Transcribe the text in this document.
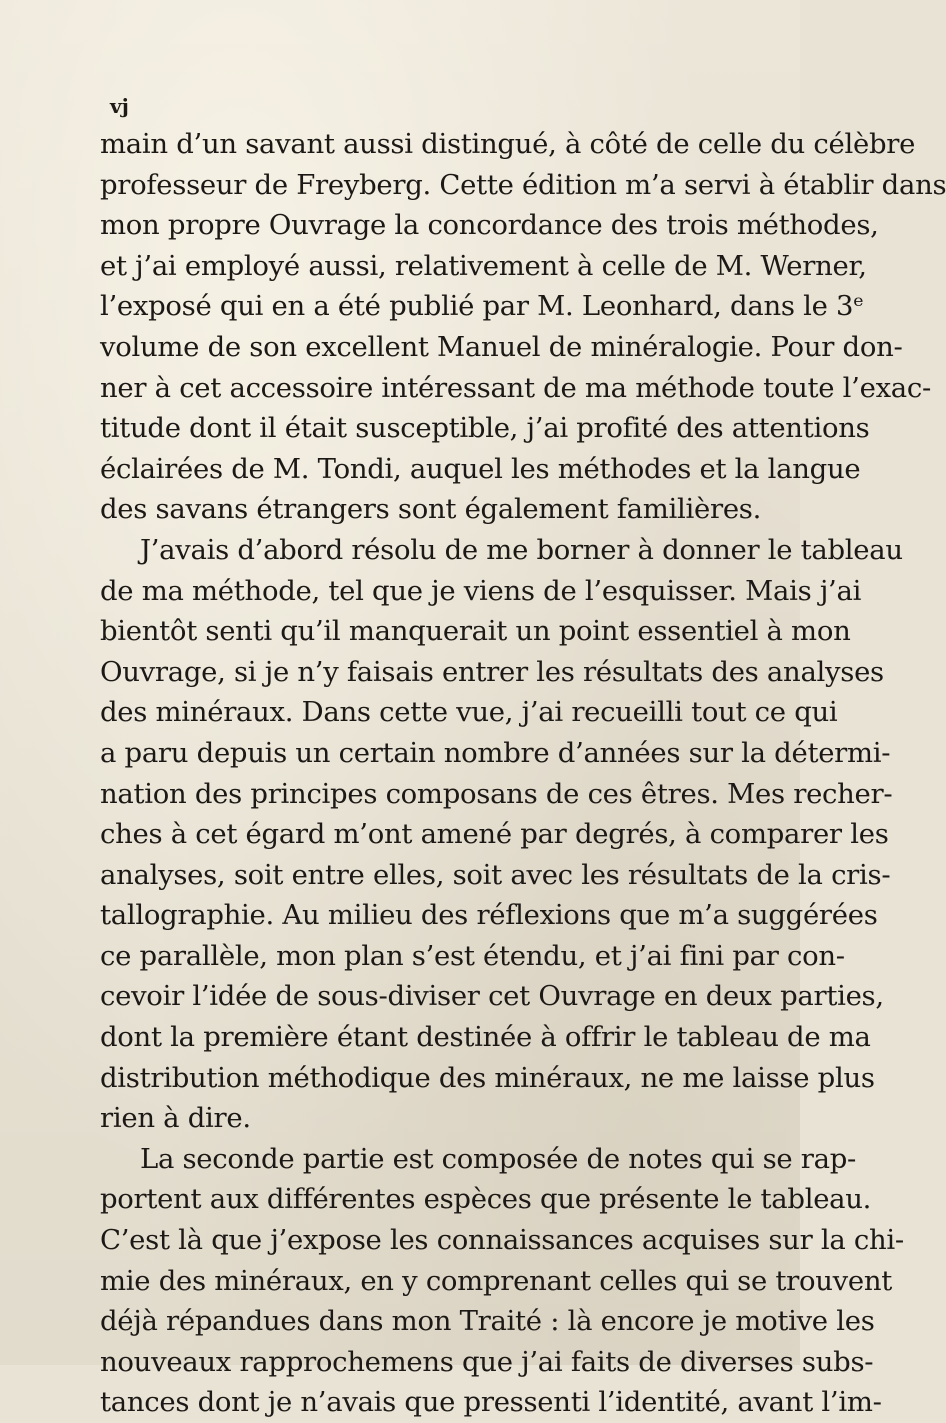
vj
main d’un savant aussi distingué, à côté de celle du célèbre
professeur de Freyberg. Cette édition m’a servi à établir dans
mon propre Ouvrage la concordance des trois méthodes,
et j’ai employé aussi, relativement à celle de M. Werner,
l’exposé qui en a été publié par M. Leonhard, dans le 3ᵉ
volume de son excellent Manuel de minéralogie. Pour don-
ner à cet accessoire intéressant de ma méthode toute l’exac-
titude dont il était susceptible, j’ai profité des attentions
éclairées de M. Tondi, auquel les méthodes et la langue
des savans étrangers sont également familières.
J’avais d’abord résolu de me borner à donner le tableau
de ma méthode, tel que je viens de l’esquisser. Mais j’ai
bientôt senti qu’il manquerait un point essentiel à mon
Ouvrage, si je n’y faisais entrer les résultats des analyses
des minéraux. Dans cette vue, j’ai recueilli tout ce qui
a paru depuis un certain nombre d’années sur la détermi-
nation des principes composans de ces êtres. Mes recher-
ches à cet égard m’ont amené par degrés, à comparer les
analyses, soit entre elles, soit avec les résultats de la cris-
tallographie. Au milieu des réflexions que m’a suggérées
ce parallèle, mon plan s’est étendu, et j’ai fini par con-
cevoir l’idée de sous-diviser cet Ouvrage en deux parties,
dont la première étant destinée à offrir le tableau de ma
distribution méthodique des minéraux, ne me laisse plus
rien à dire.
La seconde partie est composée de notes qui se rap-
portent aux différentes espèces que présente le tableau.
C’est là que j’expose les connaissances acquises sur la chi-
mie des minéraux, en y comprenant celles qui se trouvent
déjà répandues dans mon Traité : là encore je motive les
nouveaux rapprochemens que j’ai faits de diverses subs-
tances dont je n’avais que pressenti l’identité, avant l’im-
